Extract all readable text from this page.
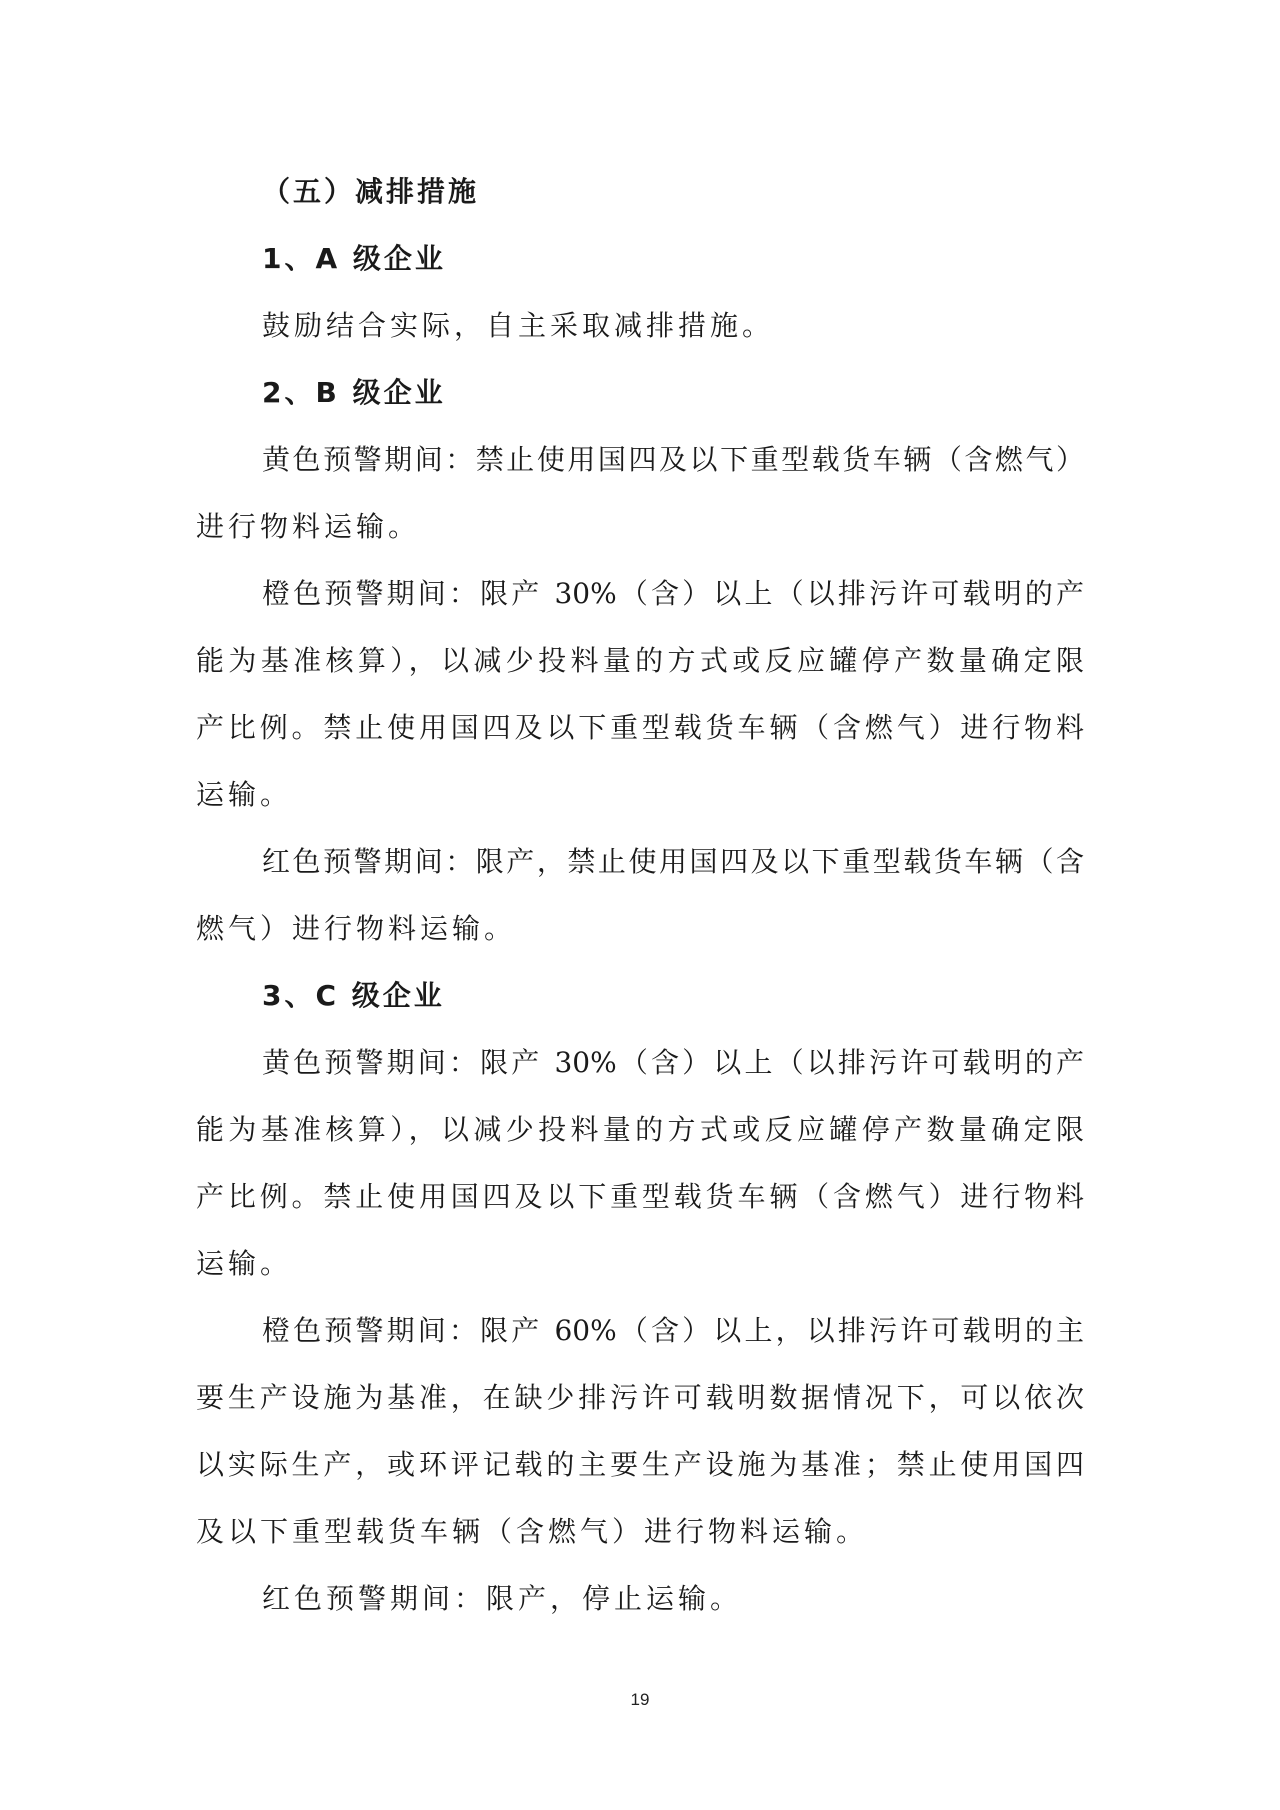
（五）减排措施
1、A 级企业
鼓励结合实际，自主采取减排措施。
2、B 级企业
黄色预警期间：禁止使用国四及以下重型载货车辆（含燃气）
进行物料运输。
橙色预警期间：限产 30%（含）以上（以排污许可载明的产
能为基准核算），以减少投料量的方式或反应罐停产数量确定限
产比例。禁止使用国四及以下重型载货车辆（含燃气）进行物料
运输。
红色预警期间：限产，禁止使用国四及以下重型载货车辆（含
燃气）进行物料运输。
3、C 级企业
黄色预警期间：限产 30%（含）以上（以排污许可载明的产
能为基准核算），以减少投料量的方式或反应罐停产数量确定限
产比例。禁止使用国四及以下重型载货车辆（含燃气）进行物料
运输。
橙色预警期间：限产 60%（含）以上，以排污许可载明的主
要生产设施为基准，在缺少排污许可载明数据情况下，可以依次
以实际生产，或环评记载的主要生产设施为基准；禁止使用国四
及以下重型载货车辆（含燃气）进行物料运输。
红色预警期间：限产，停止运输。
19
